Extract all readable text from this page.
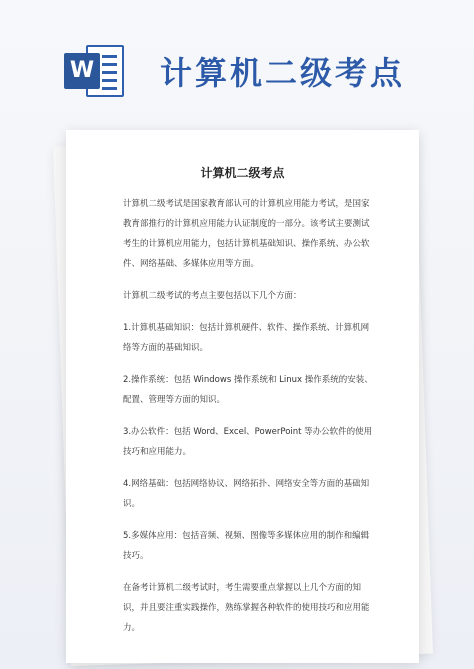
W 计算机二级考点
计算机二级考点

计算机二级考试是国家教育部认可的计算机应用能力考试，是国家教育部推行的计算机应用能力认证制度的一部分。该考试主要测试考生的计算机应用能力，包括计算机基础知识、操作系统、办公软件、网络基础、多媒体应用等方面。

计算机二级考试的考点主要包括以下几个方面：

1.计算机基础知识：包括计算机硬件、软件、操作系统、计算机网络等方面的基础知识。

2.操作系统：包括 Windows 操作系统和 Linux 操作系统的安装、配置、管理等方面的知识。

3.办公软件：包括 Word、Excel、PowerPoint 等办公软件的使用技巧和应用能力。

4.网络基础：包括网络协议、网络拓扑、网络安全等方面的基础知识。

5.多媒体应用：包括音频、视频、图像等多媒体应用的制作和编辑技巧。

在备考计算机二级考试时，考生需要重点掌握以上几个方面的知识，并且要注重实践操作，熟练掌握各种软件的使用技巧和应用能力。
